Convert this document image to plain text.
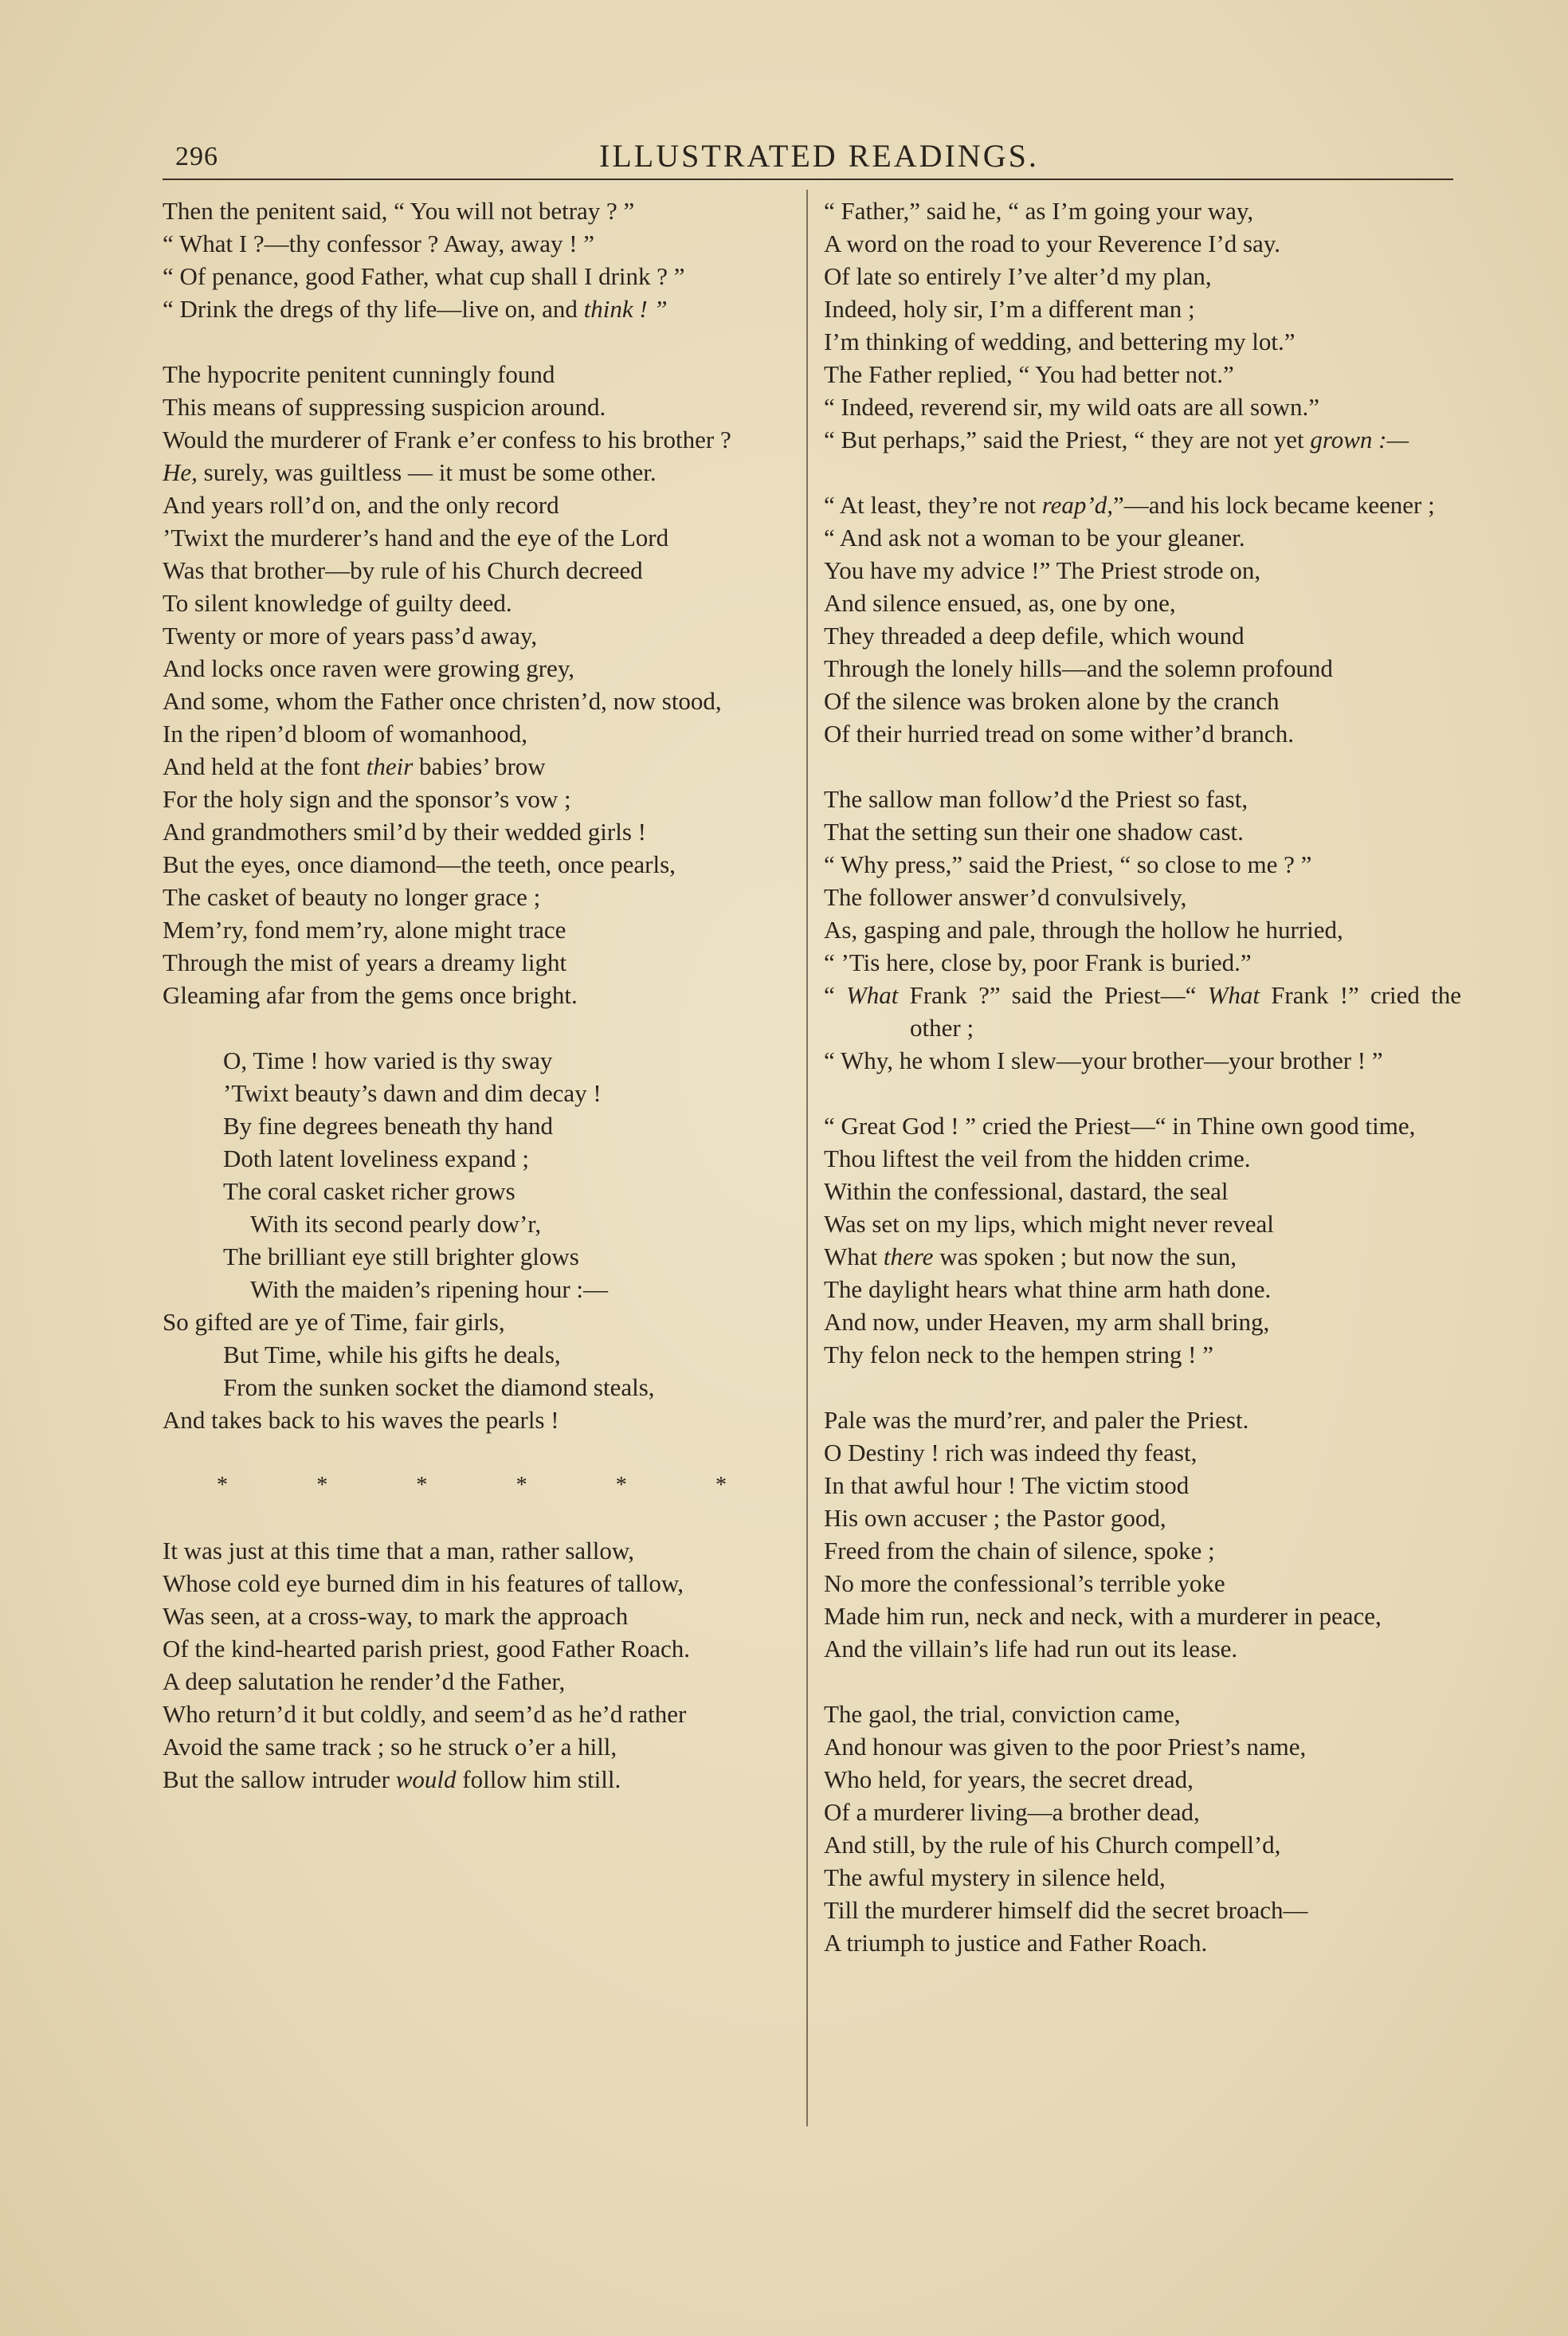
296	ILLUSTRATED READINGS.
Then the penitent said, “ You will not betray ? ”
“ What I ?—thy confessor ? Away, away ! ”
“ Of penance, good Father, what cup shall I drink ? ”
“ Drink the dregs of thy life—live on, and think ! ”
The hypocrite penitent cunningly found
This means of suppressing suspicion around.
Would the murderer of Frank e’er confess to his brother ?
He, surely, was guiltless — it must be some other.
And years roll’d on, and the only record
’Twixt the murderer’s hand and the eye of the Lord
Was that brother—by rule of his Church decreed
To silent knowledge of guilty deed.
Twenty or more of years pass’d away,
And locks once raven were growing grey,
And some, whom the Father once christen’d, now stood,
In the ripen’d bloom of womanhood,
And held at the font their babies’ brow
For the holy sign and the sponsor’s vow ;
And grandmothers smil’d by their wedded girls !
But the eyes, once diamond—the teeth, once pearls,
The casket of beauty no longer grace ;
Mem’ry, fond mem’ry, alone might trace
Through the mist of years a dreamy light
Gleaming afar from the gems once bright.
O, Time ! how varied is thy sway
’Twixt beauty’s dawn and dim decay !
By fine degrees beneath thy hand
Doth latent loveliness expand ;
The coral casket richer grows
With its second pearly dow’r,
The brilliant eye still brighter glows
With the maiden’s ripening hour :—
So gifted are ye of Time, fair girls,
But Time, while his gifts he deals,
From the sunken socket the diamond steals,
And takes back to his waves the pearls !
*	*	*	*	*	*
It was just at this time that a man, rather sallow,
Whose cold eye burned dim in his features of tallow,
Was seen, at a cross-way, to mark the approach
Of the kind-hearted parish priest, good Father Roach.
A deep salutation he render’d the Father,
Who return’d it but coldly, and seem’d as he’d rather
Avoid the same track ; so he struck o’er a hill,
But the sallow intruder would follow him still.
“ Father,” said he, “ as I’m going your way,
A word on the road to your Reverence I’d say.
Of late so entirely I’ve alter’d my plan,
Indeed, holy sir, I’m a different man ;
I’m thinking of wedding, and bettering my lot.”
The Father replied, “ You had better not.”
“ Indeed, reverend sir, my wild oats are all sown.”
“ But perhaps,” said the Priest, “ they are not yet grown :—
“ At least, they’re not reap’d,”—and his lock became keener ;
“ And ask not a woman to be your gleaner.
You have my advice !” The Priest strode on,
And silence ensued, as, one by one,
They threaded a deep defile, which wound
Through the lonely hills—and the solemn profound
Of the silence was broken alone by the cranch
Of their hurried tread on some wither’d branch.
The sallow man follow’d the Priest so fast,
That the setting sun their one shadow cast.
“ Why press,” said the Priest, “ so close to me ? ”
The follower answer’d convulsively,
As, gasping and pale, through the hollow he hurried,
“ ’Tis here, close by, poor Frank is buried.”
“ What Frank ?” said the Priest—“ What Frank !” cried the other ;
“ Why, he whom I slew—your brother—your brother ! ”
“ Great God ! ” cried the Priest—“ in Thine own good time,
Thou liftest the veil from the hidden crime.
Within the confessional, dastard, the seal
Was set on my lips, which might never reveal
What there was spoken ; but now the sun,
The daylight hears what thine arm hath done.
And now, under Heaven, my arm shall bring,
Thy felon neck to the hempen string ! ”
Pale was the murd’rer, and paler the Priest.
O Destiny ! rich was indeed thy feast,
In that awful hour ! The victim stood
His own accuser ; the Pastor good,
Freed from the chain of silence, spoke ;
No more the confessional’s terrible yoke
Made him run, neck and neck, with a murderer in peace,
And the villain’s life had run out its lease.
The gaol, the trial, conviction came,
And honour was given to the poor Priest’s name,
Who held, for years, the secret dread,
Of a murderer living—a brother dead,
And still, by the rule of his Church compell’d,
The awful mystery in silence held,
Till the murderer himself did the secret broach—
A triumph to justice and Father Roach.
